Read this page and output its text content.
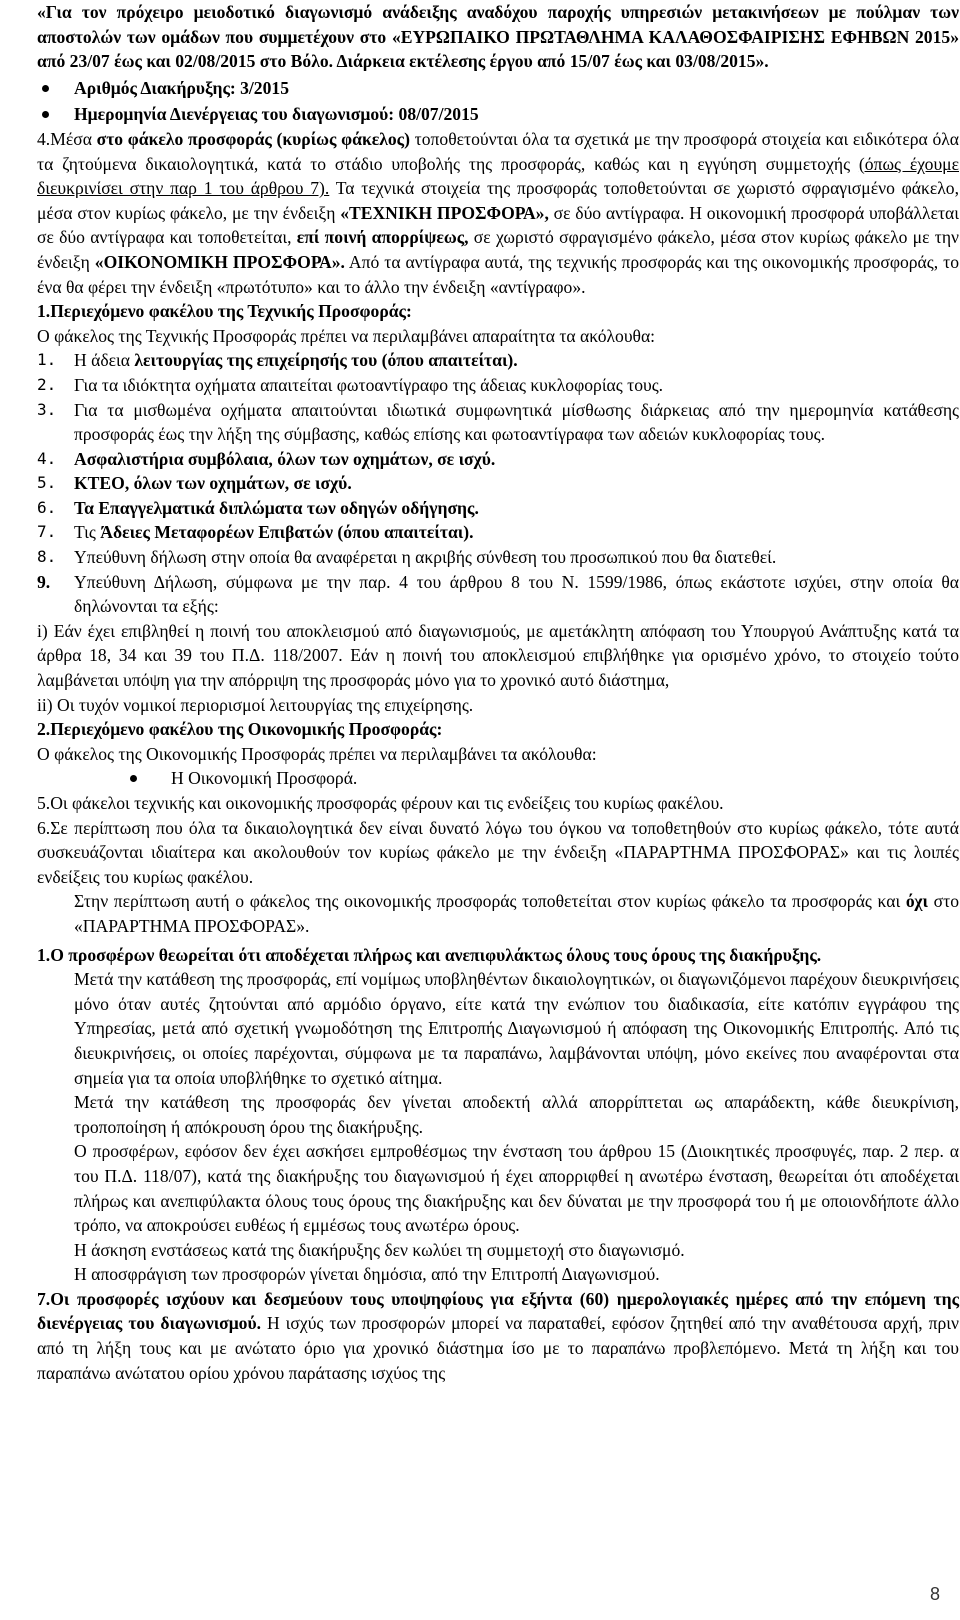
«Για τον πρόχειρο μειοδοτικό διαγωνισμό ανάδειξης αναδόχου παροχής υπηρεσιών μετακινήσεων με πούλμαν των αποστολών των ομάδων που συμμετέχουν στο «ΕΥΡΩΠΑΙΚΟ ΠΡΩΤΑΘΛΗΜΑ ΚΑΛΑΘΟΣΦΑΙΡΙΣΗΣ ΕΦΗΒΩΝ 2015» από 23/07 έως και 02/08/2015 στο Βόλο. Διάρκεια εκτέλεσης έργου από 15/07 έως και 03/08/2015».

Αριθμός Διακήρυξης: 3/2015

Ημερομηνία Διενέργειας του διαγωνισμού: 08/07/2015

4.Μέσα στο φάκελο προσφοράς (κυρίως φάκελος) τοποθετούνται όλα τα σχετικά με την προσφορά στοιχεία και ειδικότερα όλα τα ζητούμενα δικαιολογητικά, κατά το στάδιο υποβολής της προσφοράς, καθώς και η εγγύηση συμμετοχής (όπως έχουμε διευκρινίσει στην παρ 1 του άρθρου 7). Τα τεχνικά στοιχεία της προσφοράς τοποθετούνται σε χωριστό σφραγισμένο φάκελο, μέσα στον κυρίως φάκελο, με την ένδειξη «ΤΕΧΝΙΚΗ ΠΡΟΣΦΟΡΑ», σε δύο αντίγραφα. Η οικονομική προσφορά υποβάλλεται σε δύο αντίγραφα και τοποθετείται, επί ποινή απορρίψεως, σε χωριστό σφραγισμένο φάκελο, μέσα στον κυρίως φάκελο με την ένδειξη «ΟΙΚΟΝΟΜΙΚΗ ΠΡΟΣΦΟΡΑ». Από τα αντίγραφα αυτά, της τεχνικής προσφοράς και της οικονομικής προσφοράς, το ένα θα φέρει την ένδειξη «πρωτότυπο» και το άλλο την ένδειξη «αντίγραφο».

1.Περιεχόμενο φακέλου της Τεχνικής Προσφοράς:

Ο φάκελος της Τεχνικής Προσφοράς πρέπει να περιλαμβάνει απαραίτητα τα ακόλουθα:

1. Η άδεια λειτουργίας της επιχείρησής του (όπου απαιτείται).

2. Για τα ιδιόκτητα οχήματα απαιτείται φωτοαντίγραφο της άδειας κυκλοφορίας τους.

3. Για τα μισθωμένα οχήματα απαιτούνται ιδιωτικά συμφωνητικά μίσθωσης διάρκειας από την ημερομηνία κατάθεσης προσφοράς έως την λήξη της σύμβασης, καθώς επίσης και φωτοαντίγραφα των αδειών κυκλοφορίας τους.

4. Ασφαλιστήρια συμβόλαια, όλων των οχημάτων, σε ισχύ.

5. ΚΤΕΟ, όλων των οχημάτων, σε ισχύ.

6. Τα Επαγγελματικά διπλώματα των οδηγών οδήγησης.

7. Τις Άδειες Μεταφορέων Επιβατών (όπου απαιτείται).

8. Υπεύθυνη δήλωση στην οποία θα αναφέρεται η ακριβής σύνθεση του προσωπικού που θα διατεθεί.

9. Υπεύθυνη Δήλωση, σύμφωνα με την παρ. 4 του άρθρου 8 του Ν. 1599/1986, όπως εκάστοτε ισχύει, στην οποία θα δηλώνονται τα εξής:

i) Εάν έχει επιβληθεί η ποινή του αποκλεισμού από διαγωνισμούς, με αμετάκλητη απόφαση του Υπουργού Ανάπτυξης κατά τα άρθρα 18, 34 και 39 του Π.Δ. 118/2007. Εάν η ποινή του αποκλεισμού επιβλήθηκε για ορισμένο χρόνο, το στοιχείο τούτο λαμβάνεται υπόψη για την απόρριψη της προσφοράς μόνο για το χρονικό αυτό διάστημα,

ii) Οι τυχόν νομικοί περιορισμοί λειτουργίας της επιχείρησης.

2.Περιεχόμενο φακέλου της Οικονομικής Προσφοράς:

Ο φάκελος της Οικονομικής Προσφοράς πρέπει να περιλαμβάνει τα ακόλουθα:

Η Οικονομική Προσφορά.

5.Οι φάκελοι τεχνικής και οικονομικής προσφοράς φέρουν και τις ενδείξεις του κυρίως φακέλου.

6.Σε περίπτωση που όλα τα δικαιολογητικά δεν είναι δυνατό λόγω του όγκου να τοποθετηθούν στο κυρίως φάκελο, τότε αυτά συσκευάζονται ιδιαίτερα και ακολουθούν τον κυρίως φάκελο με την ένδειξη «ΠΑΡΑΡΤΗΜΑ ΠΡΟΣΦΟΡΑΣ» και τις λοιπές ενδείξεις του κυρίως φακέλου.

Στην περίπτωση αυτή ο φάκελος της οικονομικής προσφοράς τοποθετείται στον κυρίως φάκελο τα προσφοράς και όχι στο «ΠΑΡΑΡΤΗΜΑ ΠΡΟΣΦΟΡΑΣ».

1.Ο προσφέρων θεωρείται ότι αποδέχεται πλήρως και ανεπιφυλάκτως όλους τους όρους της διακήρυξης.

Μετά την κατάθεση της προσφοράς, επί νομίμως υποβληθέντων δικαιολογητικών, οι διαγωνιζόμενοι παρέχουν διευκρινήσεις μόνο όταν αυτές ζητούνται από αρμόδιο όργανο, είτε κατά την ενώπιον του διαδικασία, είτε κατόπιν εγγράφου της Υπηρεσίας, μετά από σχετική γνωμοδότηση της Επιτροπής Διαγωνισμού ή απόφαση της Οικονομικής Επιτροπής. Από τις διευκρινήσεις, οι οποίες παρέχονται, σύμφωνα με τα παραπάνω, λαμβάνονται υπόψη, μόνο εκείνες που αναφέρονται στα σημεία για τα οποία υποβλήθηκε το σχετικό αίτημα.

Μετά την κατάθεση της προσφοράς δεν γίνεται αποδεκτή αλλά απορρίπτεται ως απαράδεκτη, κάθε διευκρίνιση, τροποποίηση ή απόκρουση όρου της διακήρυξης.

Ο προσφέρων, εφόσον δεν έχει ασκήσει εμπροθέσμως την ένσταση του άρθρου 15 (Διοικητικές προσφυγές, παρ. 2 περ. α του Π.Δ. 118/07), κατά της διακήρυξης του διαγωνισμού ή έχει απορριφθεί η ανωτέρω ένσταση, θεωρείται ότι αποδέχεται πλήρως και ανεπιφύλακτα όλους τους όρους της διακήρυξης και δεν δύναται με την προσφορά του ή με οποιονδήποτε άλλο τρόπο, να αποκρούσει ευθέως ή εμμέσως τους ανωτέρω όρους.

Η άσκηση ενστάσεως κατά της διακήρυξης δεν κωλύει τη συμμετοχή στο διαγωνισμό.

Η αποσφράγιση των προσφορών γίνεται δημόσια, από την Επιτροπή Διαγωνισμού.

7.Οι προσφορές ισχύουν και δεσμεύουν τους υποψηφίους για εξήντα (60) ημερολογιακές ημέρες από την επόμενη της διενέργειας του διαγωνισμού. Η ισχύς των προσφορών μπορεί να παραταθεί, εφόσον ζητηθεί από την αναθέτουσα αρχή, πριν από τη λήξη τους και με ανώτατο όριο για χρονικό διάστημα ίσο με το παραπάνω προβλεπόμενο. Μετά τη λήξη και του παραπάνω ανώτατου ορίου χρόνου παράτασης ισχύος της

8
